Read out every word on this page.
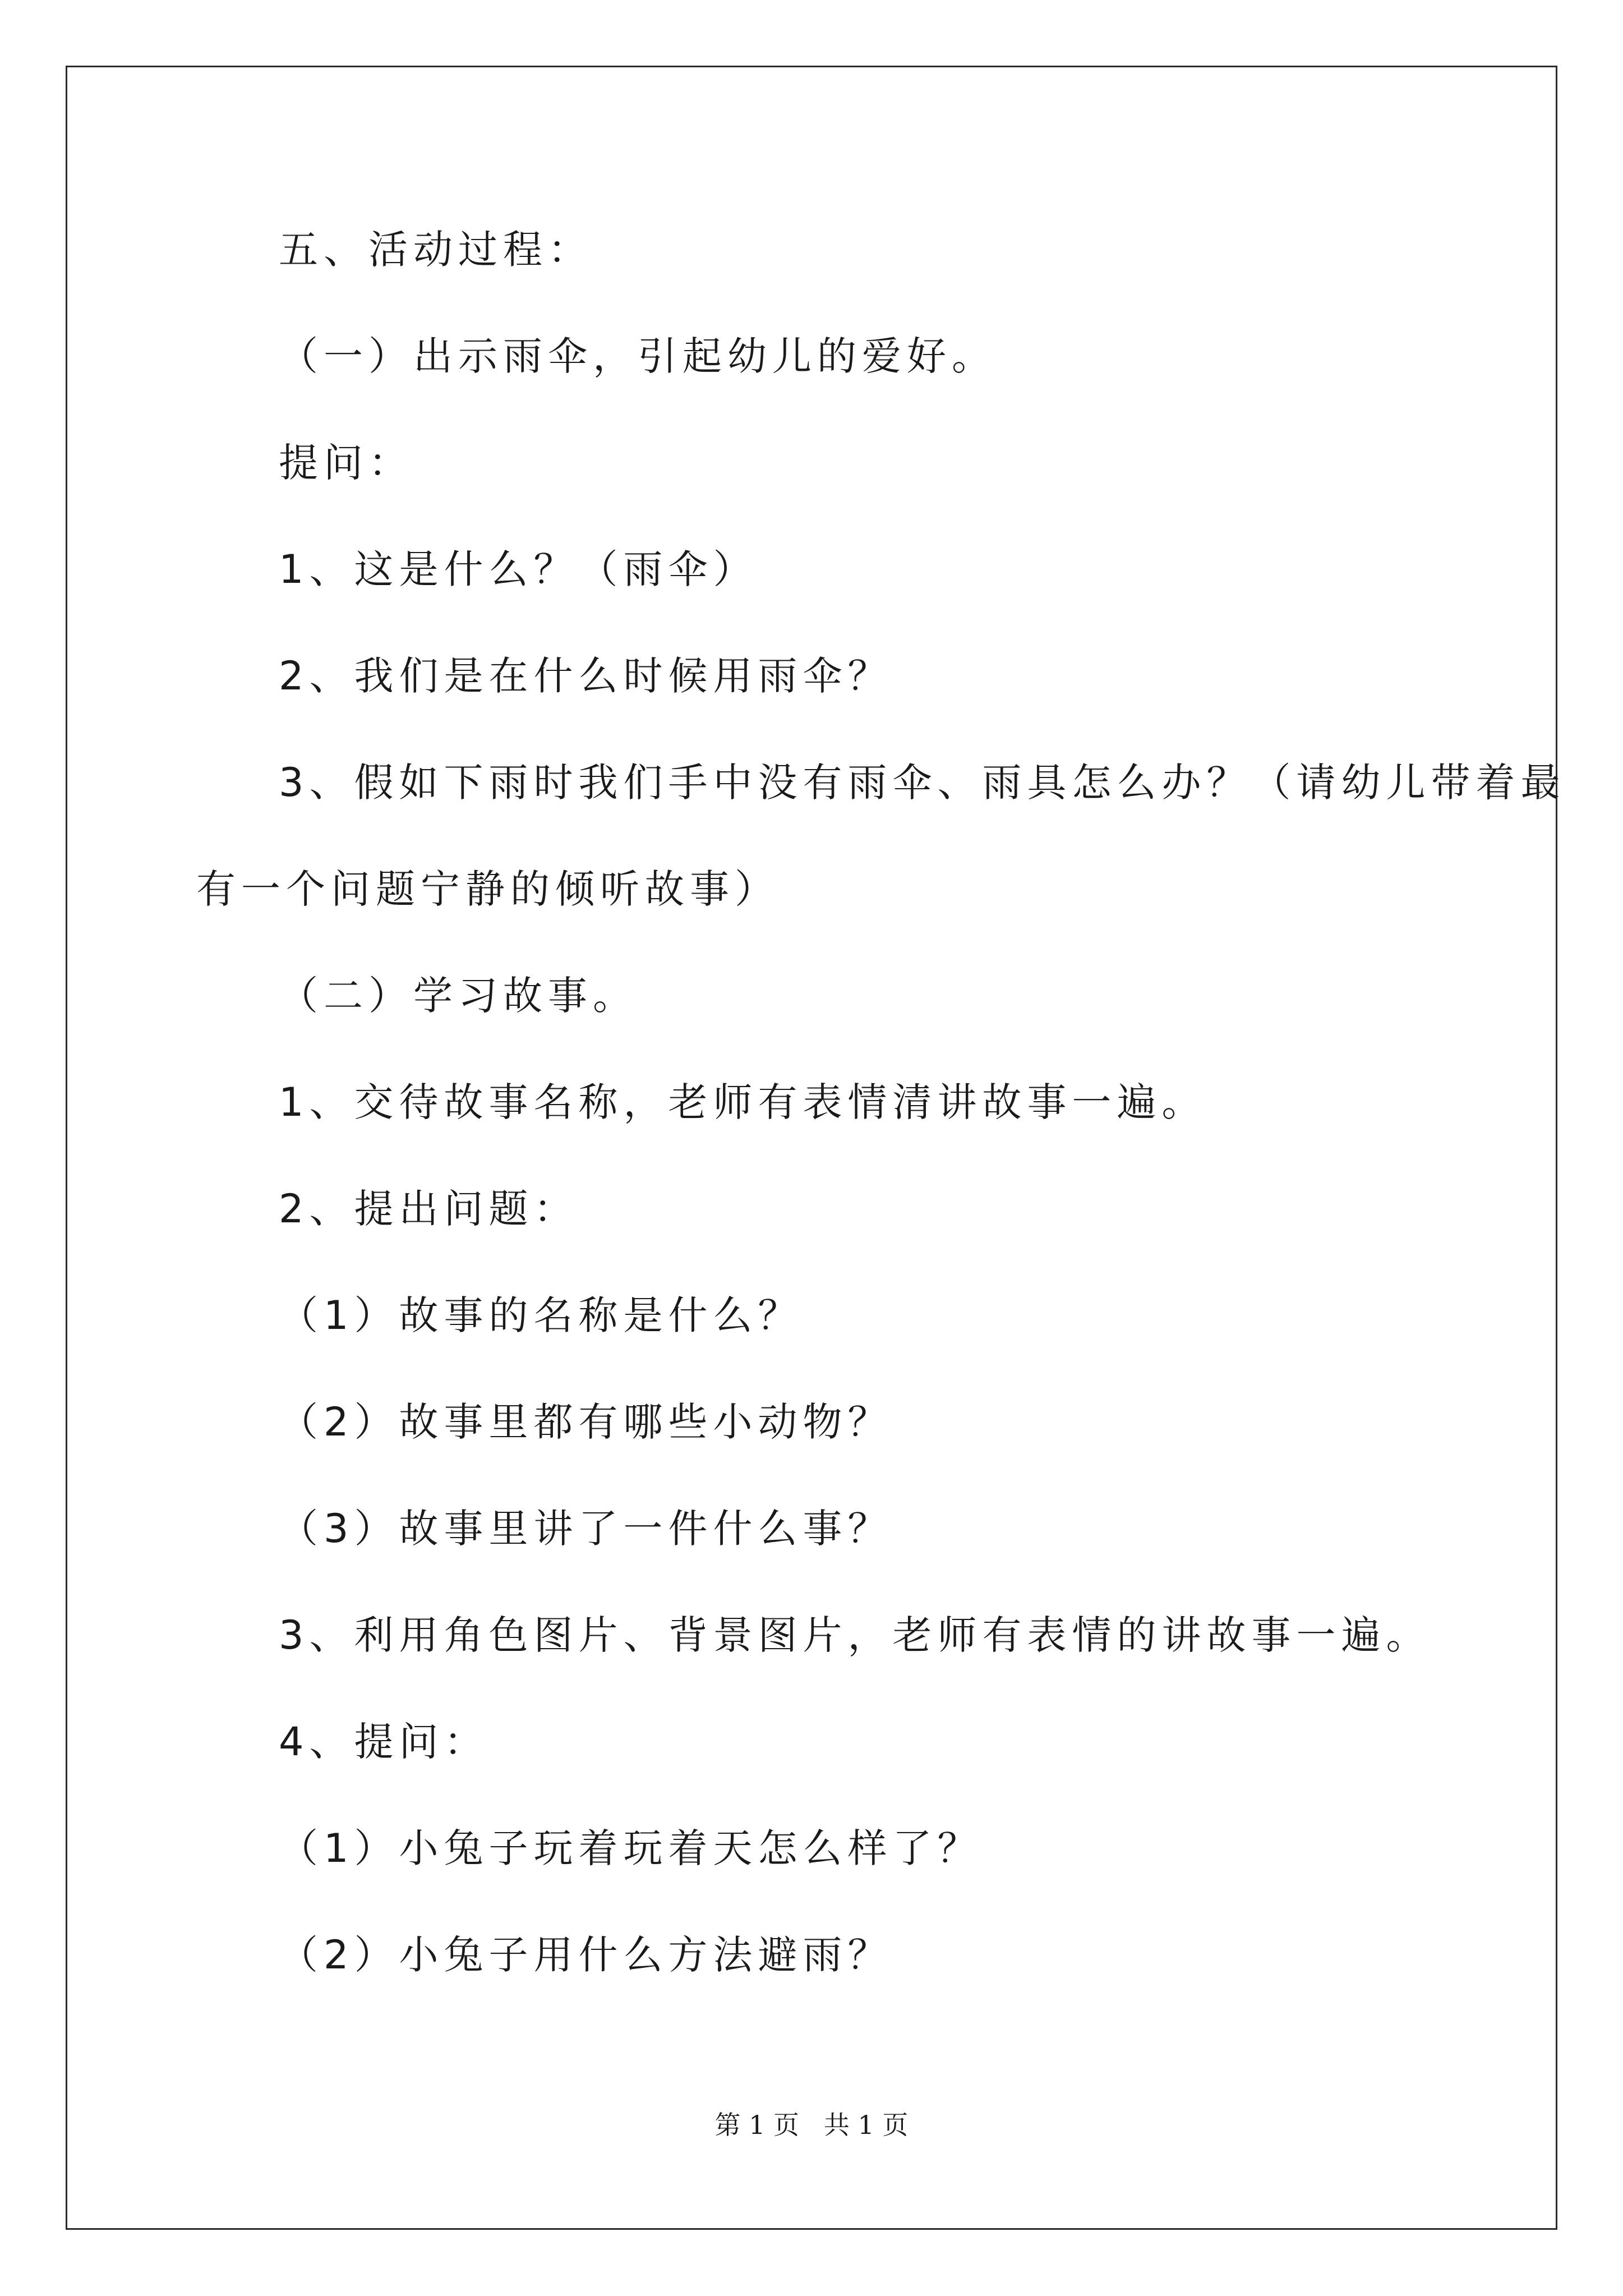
五、活动过程：

（一）出示雨伞，引起幼儿的爱好。

提问：

1、这是什么？（雨伞）

2、我们是在什么时候用雨伞？

3、假如下雨时我们手中没有雨伞、雨具怎么办？（请幼儿带着最

有一个问题宁静的倾听故事）

（二）学习故事。

1、交待故事名称，老师有表情清讲故事一遍。

2、提出问题：

（1）故事的名称是什么？

（2）故事里都有哪些小动物？

（3）故事里讲了一件什么事？

3、利用角色图片、背景图片，老师有表情的讲故事一遍。

4、提问：

（1）小兔子玩着玩着天怎么样了？

（2）小兔子用什么方法避雨？

第 1 页   共 1 页
